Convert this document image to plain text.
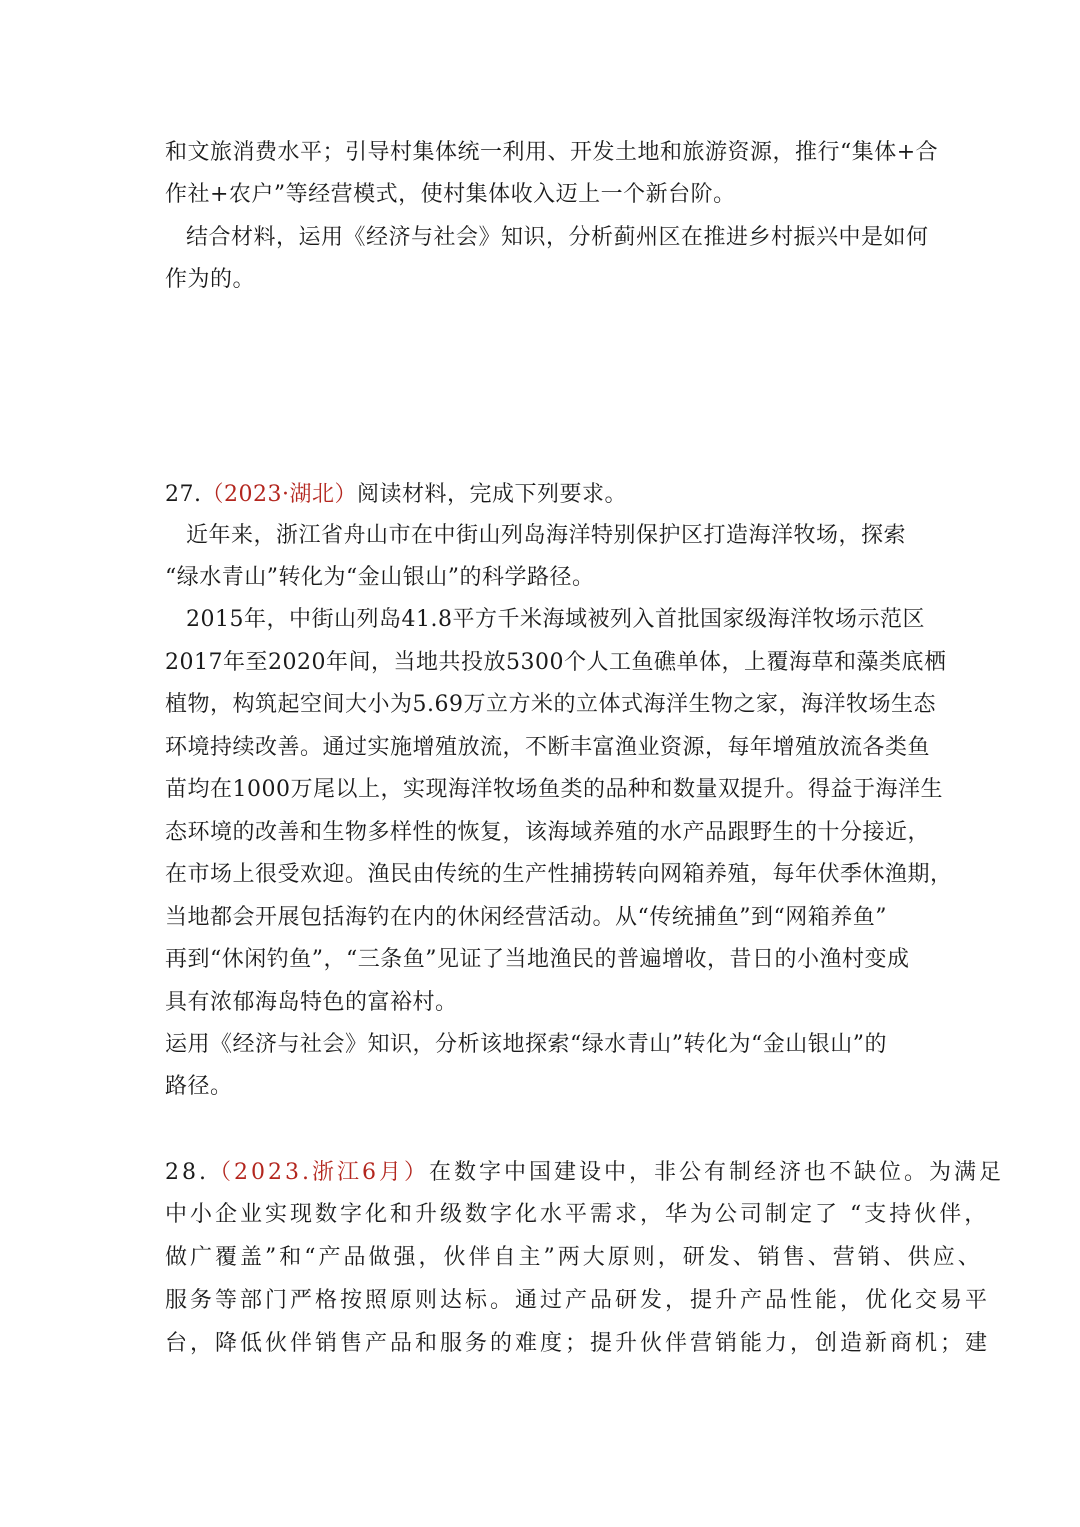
和文旅消费水平；引导村集体统一利用、开发土地和旅游资源，推行“集体+合

作社+农户”等经营模式，使村集体收入迈上一个新台阶。

结合材料，运用《经济与社会》知识，分析蓟州区在推进乡村振兴中是如何

作为的。

27.（2023·湖北）阅读材料，完成下列要求。

近年来，浙江省舟山市在中街山列岛海洋特别保护区打造海洋牧场，探索

“绿水青山”转化为“金山银山”的科学路径。

2015年，中街山列岛41.8平方千米海域被列入首批国家级海洋牧场示范区

2017年至2020年间，当地共投放5300个人工鱼礁单体，上覆海草和藻类底栖

植物，构筑起空间大小为5.69万立方米的立体式海洋生物之家，海洋牧场生态

环境持续改善。通过实施增殖放流，不断丰富渔业资源，每年增殖放流各类鱼

苗均在1000万尾以上，实现海洋牧场鱼类的品种和数量双提升。得益于海洋生

态环境的改善和生物多样性的恢复，该海域养殖的水产品跟野生的十分接近，

在市场上很受欢迎。渔民由传统的生产性捕捞转向网箱养殖，每年伏季休渔期，

当地都会开展包括海钓在内的休闲经营活动。从“传统捕鱼”到“网箱养鱼”

再到“休闲钓鱼”，“三条鱼”见证了当地渔民的普遍增收，昔日的小渔村变成

具有浓郁海岛特色的富裕村。

运用《经济与社会》知识，分析该地探索“绿水青山”转化为“金山银山”的

路径。

28.（2023.浙江6月）在数字中国建设中，非公有制经济也不缺位。为满足

中小企业实现数字化和升级数字化水平需求，华为公司制定了 “支持伙伴，

做广覆盖”和“产品做强，伙伴自主”两大原则，研发、销售、营销、供应、

服务等部门严格按照原则达标。通过产品研发，提升产品性能，优化交易平

台，降低伙伴销售产品和服务的难度；提升伙伴营销能力，创造新商机；建
